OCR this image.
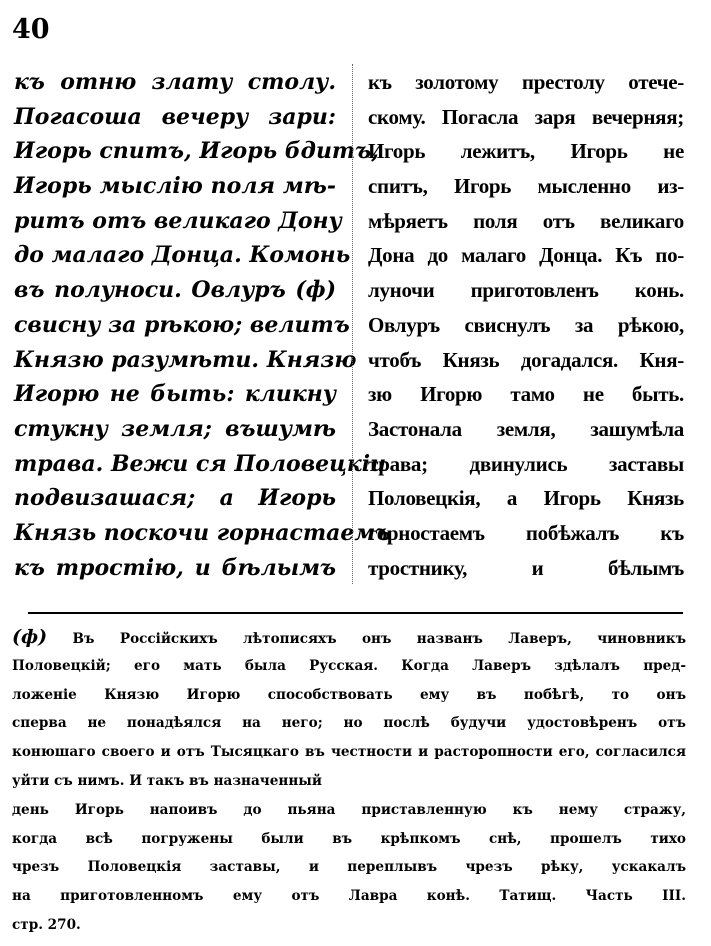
40
къ отню злату столу.
Погасоша вечеру зари:
Игорь спитъ, Игорь бдитъ,
Игорь мыслію поля мѣ-
ритъ отъ великаго Дону
до малаго Донца. Комонь
въ полуноси. Овлуръ (ф)
свисну за рѣкою; велитъ
Князю разумѣти. Князю
Игорю не быть: кликну
стукну земля; въшумѣ
трава. Вежи ся Половецкіи
подвизашася; а Игорь
Князь поскочи горнастаемъ
къ тростію, и бѣлымъ
къ золотому престолу отече-
скому. Погасла заря вечерняя;
Игорь лежитъ, Игорь не
спитъ, Игорь мысленно из-
мѣряетъ поля отъ великаго
Дона до малаго Донца. Къ по-
луночи приготовленъ конь.
Овлуръ свиснулъ за рѣкою,
чтобъ Князь догадался. Кня-
зю Игорю тамо не быть.
Застонала земля, зашумѣла
трава; двинулись заставы
Половецкія, а Игорь Князь
горностаемъ побѣжалъ къ
тростнику, и бѣлымъ
(ф) Въ Россійскихъ лѣтописяхъ онъ названъ Лаверъ, чиновникъ
Половецкій; его мать была Русская. Когда Лаверъ здѣлалъ пред-
ложеніе Князю Игорю способствовать ему въ побѣгѣ, то онъ
сперва не понадѣялся на него; но послѣ будучи удостовѣренъ отъ
конюшаго своего и отъ Тысяцкаго въ честности и расторопности его, согласился уйти съ нимъ. И такъ въ назначенный
день Игорь напоивъ до пьяна приставленную къ нему стражу,
когда всѣ погружены были въ крѣпкомъ снѣ, прошелъ тихо
чрезъ Половецкія заставы, и переплывъ чрезъ рѣку, ускакалъ
на приготовленномъ ему отъ Лавра конѣ. Татищ. Часть III.
стр. 270.
